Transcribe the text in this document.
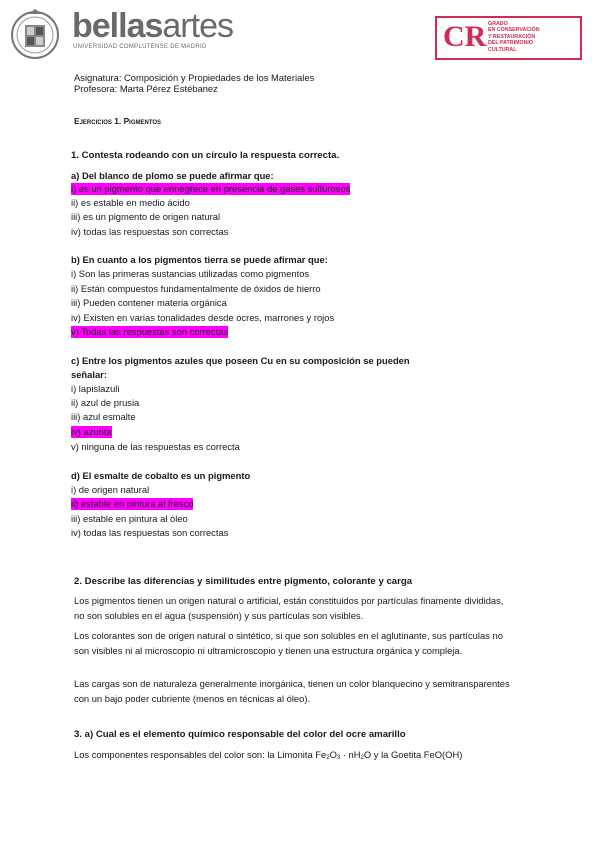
bellasartes
UNIVERSIDAD COMPLUTENSE DE MADRID	CR GRADO
EN CONSERVACIÓN
Y RESTAURACIÓN
DEL PATRIMONIO
CULTURAL
Asignatura: Composición y Propiedades de los Materiales
Profesora: Marta Pérez Estébanez
Ejercicios 1. Pigmentos
1. Contesta rodeando con un círculo la respuesta correcta.
a) Del blanco de plomo se puede afirmar que:
i) es un pigmento que ennegrece en presencia de gases sulfurosos
ii) es estable en medio ácido
iii) es un pigmento de origen natural
iv) todas las respuestas son correctas
b) En cuanto a los pigmentos tierra se puede afirmar que:
i) Son las primeras sustancias utilizadas como pigmentos
ii) Están compuestos fundamentalmente de óxidos de hierro
iii) Pueden contener materia orgánica
iv) Existen en varias tonalidades desde ocres, marrones y rojos
v) Todas las respuestas son correctas
c) Entre los pigmentos azules que poseen Cu en su composición se pueden
señalar:
i) lapislazuli
ii) azul de prusia
iii) azul esmalte
iv) azurita
v) ninguna de las respuestas es correcta
d) El esmalte de cobalto es un pigmento
i) de origen natural
ii) estable en pintura al fresco
iii) estable en pintura al óleo
iv) todas las respuestas son correctas
2. Describe las diferencias y similitudes entre pigmento, colorante y carga
Los pigmentos tienen un origen natural o artificial, están constituidos por partículas finamente divididas, no son solubles en el agua (suspensión) y sus partículas son visibles.
Los colorantes son de origen natural o sintético, si que son solubles en el aglutinante, sus partículas no son visibles ni al microscopio ni ultramicroscopio y tienen una estructura orgánica y compleja.
Las cargas son de naturaleza generalmente inorgánica, tienen un color blanquecino y semitransparentes con un bajo poder cubriente (menos en técnicas al óleo).
3. a) Cual es el elemento químico responsable del color del ocre amarillo
Los componentes responsables del color son: la Limonita $Fe_2O_3 \cdot nH_2O$ y la Goetita FeO(OH)
